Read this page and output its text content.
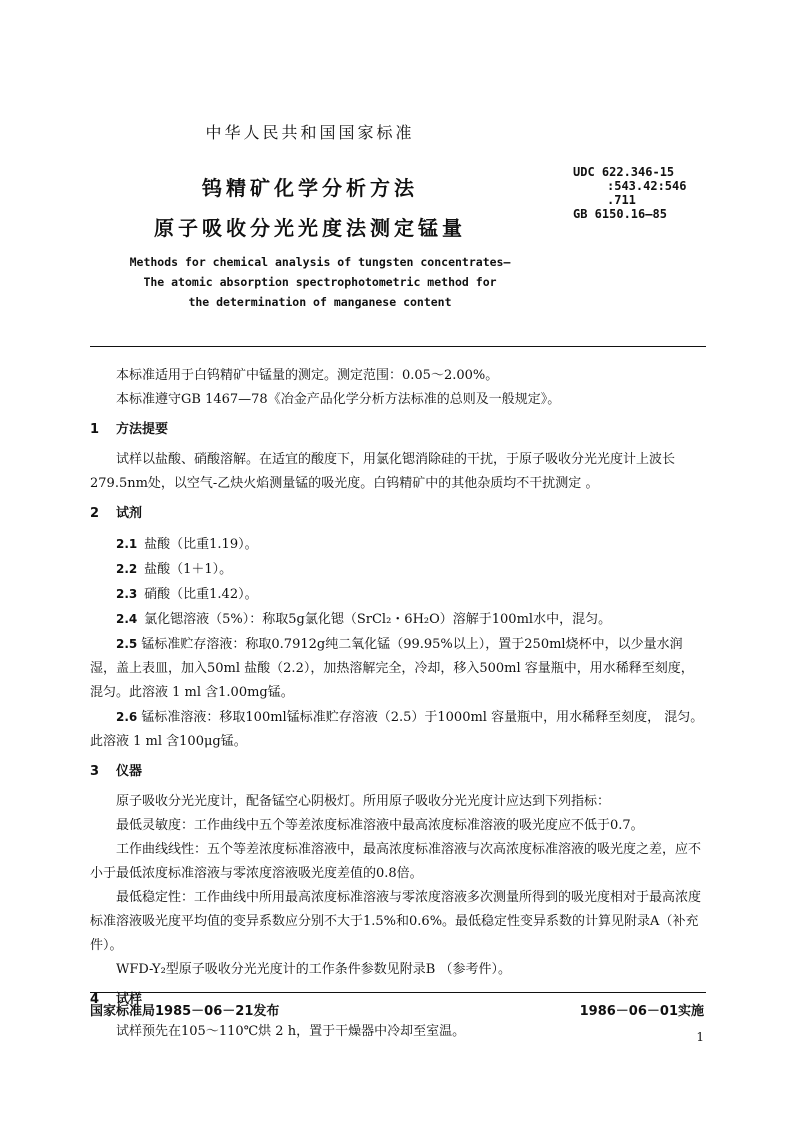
中华人民共和国国家标准
钨精矿化学分析方法
原子吸收分光光度法测定锰量
UDC 622.346-15
:543.42:546
.711
GB 6150.16—85
Methods for chemical analysis of tungsten concentrates—
The atomic absorption spectrophotometric method for
the determination of manganese content

本标准适用于白钨精矿中锰量的测定。测定范围：0.05～2.00%。

本标准遵守GB 1467—78《冶金产品化学分析方法标准的总则及一般规定》。

1 方法提要

试样以盐酸、硝酸溶解。在适宜的酸度下，用氯化锶消除硅的干扰，于原子吸收分光光度计上波长 279.5nm处，以空气-乙炔火焰测量锰的吸光度。白钨精矿中的其他杂质均不干扰测定 。

2 试剂

2.1 盐酸（比重1.19）。

2.2 盐酸（1＋1）。

2.3 硝酸（比重1.42）。

2.4 氯化锶溶液（5%）：称取5g氯化锶（SrCl₂・6H₂O）溶解于100ml水中，混匀。

2.5 锰标准贮存溶液：称取0.7912g纯二氧化锰（99.95%以上），置于250ml烧杯中，以少量水润湿，盖上表皿，加入50ml 盐酸（2.2），加热溶解完全，冷却，移入500ml 容量瓶中，用水稀释至刻度，混匀。此溶液 1 ml 含1.00mg锰。

2.6 锰标准溶液：移取100ml锰标准贮存溶液（2.5）于1000ml 容量瓶中，用水稀释至刻度， 混匀。此溶液 1 ml 含100μg锰。

3 仪器

原子吸收分光光度计，配备锰空心阴极灯。所用原子吸收分光光度计应达到下列指标：

最低灵敏度：工作曲线中五个等差浓度标准溶液中最高浓度标准溶液的吸光度应不低于0.7。

工作曲线线性：五个等差浓度标准溶液中，最高浓度标准溶液与次高浓度标准溶液的吸光度之差，应不小于最低浓度标准溶液与零浓度溶液吸光度差值的0.8倍。

最低稳定性：工作曲线中所用最高浓度标准溶液与零浓度溶液多次测量所得到的吸光度相对于最高浓度标准溶液吸光度平均值的变异系数应分别不大于1.5%和0.6%。最低稳定性变异系数的计算见附录A（补充件）。

WFD-Y₂型原子吸收分光光度计的工作条件参数见附录B （参考件）。

4 试样

试样预先在105～110℃烘 2 h，置于干燥器中冷却至室温。

国家标准局1985－06－21发布	1986－06－01实施
1
